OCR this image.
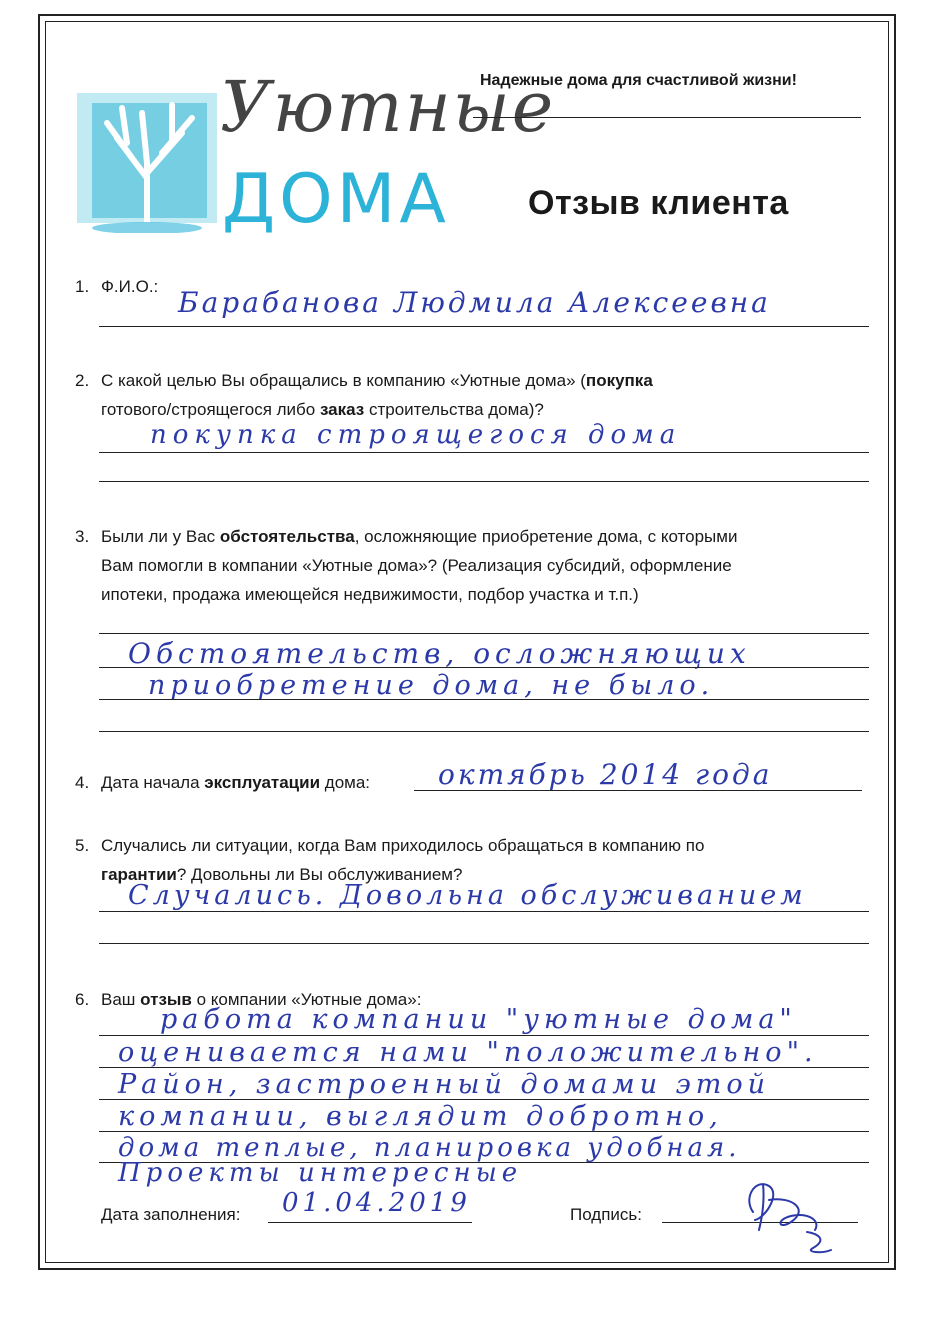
Уютные
ДОМА
Надежные дома для счастливой жизни!
Отзыв клиента
1. Ф.И.О.: Барабанова Людмила Алексеевна
2. С какой целью Вы обращались в компанию «Уютные дома» (покупка
готового/строящегося либо заказ строительства дома)?
покупка строящегося дома
3. Были ли у Вас обстоятельства, осложняющие приобретение дома, с которыми
Вам помогли в компании «Уютные дома»? (Реализация субсидий, оформление
ипотеки, продажа имеющейся недвижимости, подбор участка и т.п.)
Обстоятельств, осложняющих
приобретение дома, не было.
4. Дата начала эксплуатации дома: октябрь 2014 года
5. Случались ли ситуации, когда Вам приходилось обращаться в компанию по
гарантии? Довольны ли Вы обслуживанием?
Случались. Довольна обслуживанием
6. Ваш отзыв о компании «Уютные дома»:
работа компании "уютные дома"
оценивается нами "положительно".
Район, застроенный домами этой
компании, выглядит добротно,
дома теплые, планировка удобная.
Проекты интересные
Дата заполнения: 01.04.2019	Подпись:
